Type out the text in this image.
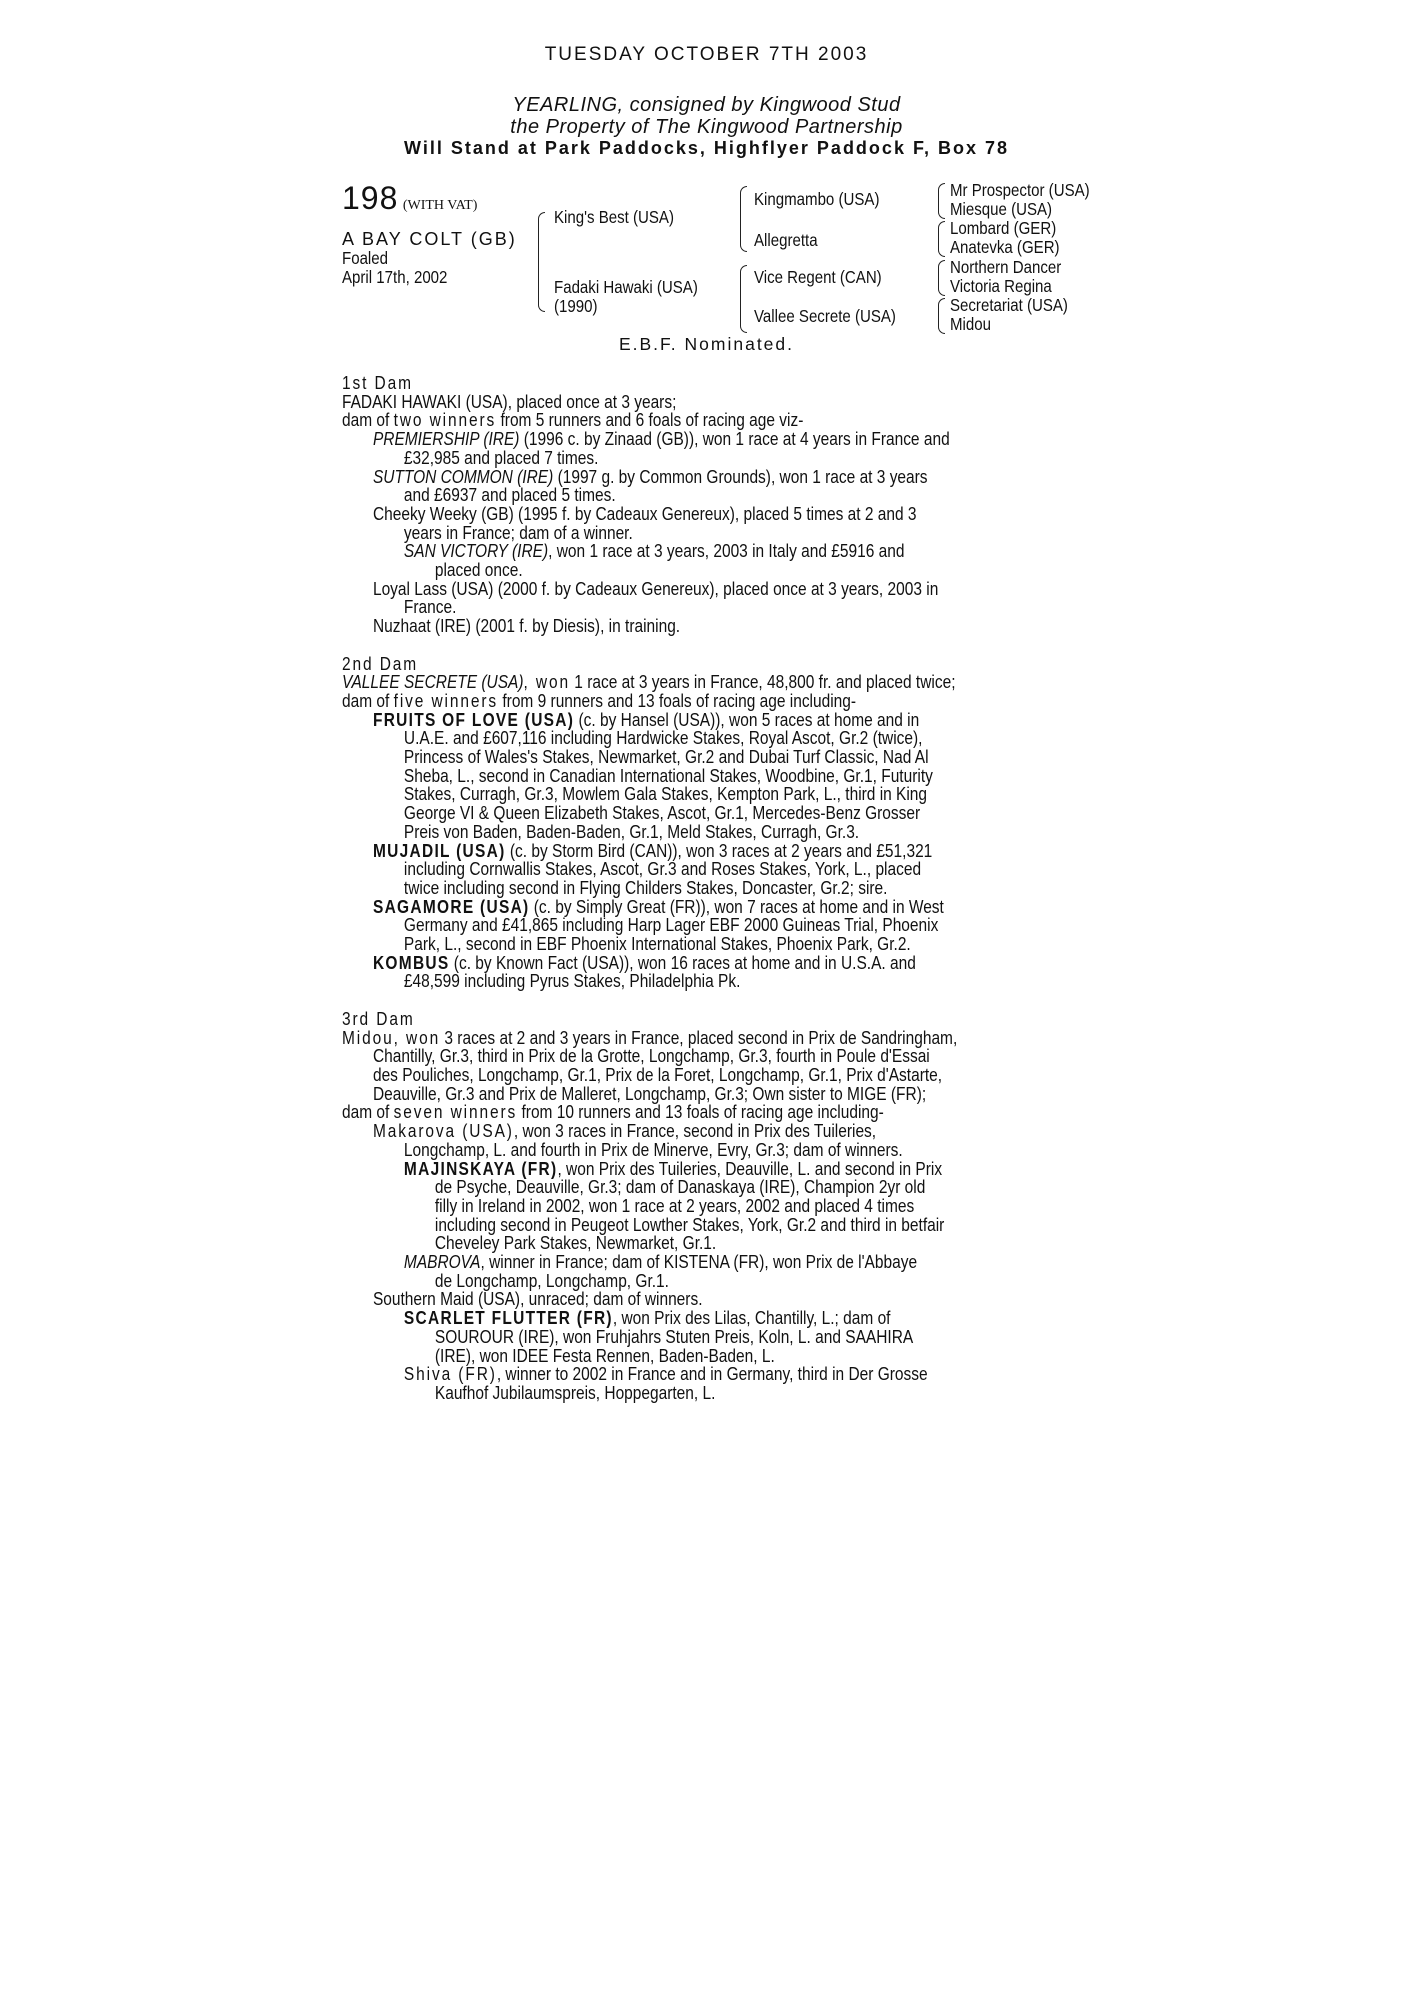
TUESDAY OCTOBER 7TH 2003
YEARLING, consigned by Kingwood Stud
the Property of The Kingwood Partnership
Will Stand at Park Paddocks, Highflyer Paddock F, Box 78
198 (WITH VAT)
A BAY COLT (GB)
Foaled
April 17th, 2002
King's Best (USA)
Fadaki Hawaki (USA)
(1990)
Kingmambo (USA)
Allegretta
Vice Regent (CAN)
Vallee Secrete (USA)
Mr Prospector (USA)
Miesque (USA)
Lombard (GER)
Anatevka (GER)
Northern Dancer
Victoria Regina
Secretariat (USA)
Midou
E.B.F. Nominated.
1st Dam
FADAKI HAWAKI (USA), placed once at 3 years;
dam of two winners from 5 runners and 6 foals of racing age viz-
PREMIERSHIP (IRE) (1996 c. by Zinaad (GB)), won 1 race at 4 years in France and
£32,985 and placed 7 times.
SUTTON COMMON (IRE) (1997 g. by Common Grounds), won 1 race at 3 years
and £6937 and placed 5 times.
Cheeky Weeky (GB) (1995 f. by Cadeaux Genereux), placed 5 times at 2 and 3
years in France; dam of a winner.
SAN VICTORY (IRE), won 1 race at 3 years, 2003 in Italy and £5916 and
placed once.
Loyal Lass (USA) (2000 f. by Cadeaux Genereux), placed once at 3 years, 2003 in
France.
Nuzhaat (IRE) (2001 f. by Diesis), in training.
2nd Dam
VALLEE SECRETE (USA), won 1 race at 3 years in France, 48,800 fr. and placed twice;
dam of five winners from 9 runners and 13 foals of racing age including-
FRUITS OF LOVE (USA) (c. by Hansel (USA)), won 5 races at home and in
U.A.E. and £607,116 including Hardwicke Stakes, Royal Ascot, Gr.2 (twice),
Princess of Wales's Stakes, Newmarket, Gr.2 and Dubai Turf Classic, Nad Al
Sheba, L., second in Canadian International Stakes, Woodbine, Gr.1, Futurity
Stakes, Curragh, Gr.3, Mowlem Gala Stakes, Kempton Park, L., third in King
George VI & Queen Elizabeth Stakes, Ascot, Gr.1, Mercedes-Benz Grosser
Preis von Baden, Baden-Baden, Gr.1, Meld Stakes, Curragh, Gr.3.
MUJADIL (USA) (c. by Storm Bird (CAN)), won 3 races at 2 years and £51,321
including Cornwallis Stakes, Ascot, Gr.3 and Roses Stakes, York, L., placed
twice including second in Flying Childers Stakes, Doncaster, Gr.2; sire.
SAGAMORE (USA) (c. by Simply Great (FR)), won 7 races at home and in West
Germany and £41,865 including Harp Lager EBF 2000 Guineas Trial, Phoenix
Park, L., second in EBF Phoenix International Stakes, Phoenix Park, Gr.2.
KOMBUS (c. by Known Fact (USA)), won 16 races at home and in U.S.A. and
£48,599 including Pyrus Stakes, Philadelphia Pk.
3rd Dam
Midou, won 3 races at 2 and 3 years in France, placed second in Prix de Sandringham,
Chantilly, Gr.3, third in Prix de la Grotte, Longchamp, Gr.3, fourth in Poule d'Essai
des Pouliches, Longchamp, Gr.1, Prix de la Foret, Longchamp, Gr.1, Prix d'Astarte,
Deauville, Gr.3 and Prix de Malleret, Longchamp, Gr.3; Own sister to MIGE (FR);
dam of seven winners from 10 runners and 13 foals of racing age including-
Makarova (USA), won 3 races in France, second in Prix des Tuileries,
Longchamp, L. and fourth in Prix de Minerve, Evry, Gr.3; dam of winners.
MAJINSKAYA (FR), won Prix des Tuileries, Deauville, L. and second in Prix
de Psyche, Deauville, Gr.3; dam of Danaskaya (IRE), Champion 2yr old
filly in Ireland in 2002, won 1 race at 2 years, 2002 and placed 4 times
including second in Peugeot Lowther Stakes, York, Gr.2 and third in betfair
Cheveley Park Stakes, Newmarket, Gr.1.
MABROVA, winner in France; dam of KISTENA (FR), won Prix de l'Abbaye
de Longchamp, Longchamp, Gr.1.
Southern Maid (USA), unraced; dam of winners.
SCARLET FLUTTER (FR), won Prix des Lilas, Chantilly, L.; dam of
SOUROUR (IRE), won Fruhjahrs Stuten Preis, Koln, L. and SAAHIRA
(IRE), won IDEE Festa Rennen, Baden-Baden, L.
Shiva (FR), winner to 2002 in France and in Germany, third in Der Grosse
Kaufhof Jubilaumspreis, Hoppegarten, L.
